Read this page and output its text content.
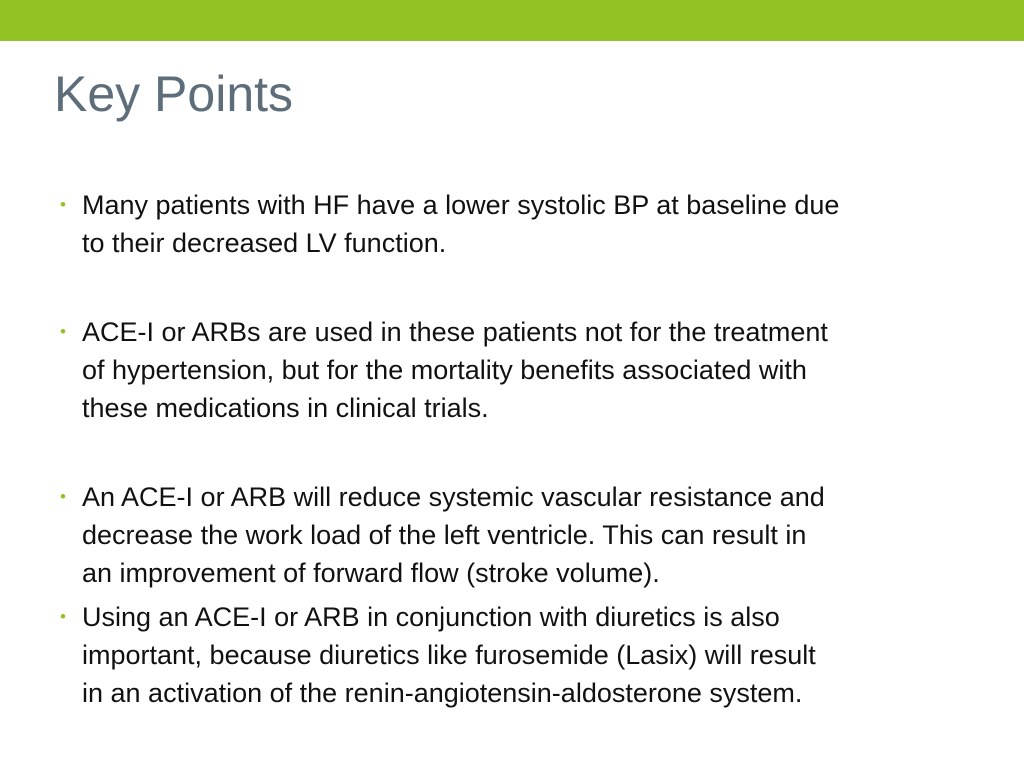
Key Points
• Many patients with HF have a lower systolic BP at baseline due
to their decreased LV function.
• ACE-I or ARBs are used in these patients not for the treatment
of hypertension, but for the mortality benefits associated with
these medications in clinical trials.
• An ACE-I or ARB will reduce systemic vascular resistance and
decrease the work load of the left ventricle. This can result in
an improvement of forward flow (stroke volume).
• Using an ACE-I or ARB in conjunction with diuretics is also
important, because diuretics like furosemide (Lasix) will result
in an activation of the renin-angiotensin-aldosterone system.
